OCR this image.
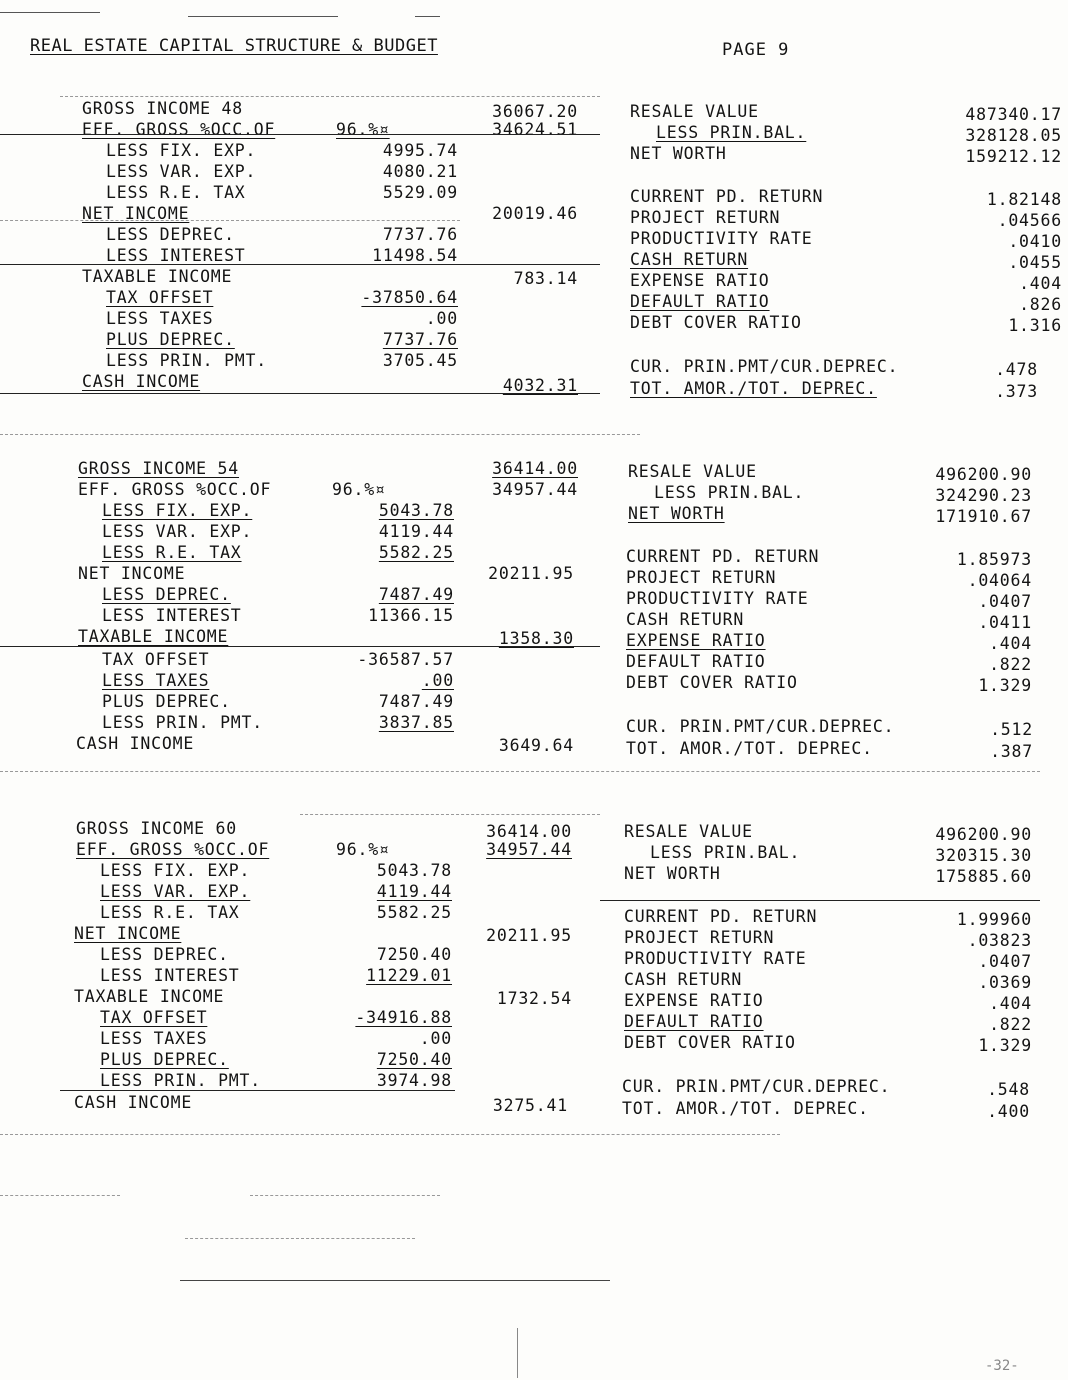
REAL ESTATE CAPITAL STRUCTURE & BUDGET	PAGE 9
GROSS INCOME 48	36067.20
EFF. GROSS %OCC.OF	96.%¤	34624.51
LESS FIX. EXP.	4995.74
LESS VAR. EXP.	4080.21
LESS R.E. TAX	5529.09
NET INCOME	20019.46
LESS DEPREC.	7737.76
LESS INTEREST	11498.54
TAXABLE INCOME	783.14
TAX OFFSET	-37850.64
LESS TAXES	.00
PLUS DEPREC.	7737.76
LESS PRIN. PMT.	3705.45
CASH INCOME	4032.31
RESALE VALUE	487340.17
LESS PRIN.BAL.	328128.05
NET WORTH	159212.12
CURRENT PD. RETURN	1.82148
PROJECT RETURN	.04566
PRODUCTIVITY RATE	.0410
CASH RETURN	.0455
EXPENSE RATIO	.404
DEFAULT RATIO	.826
DEBT COVER RATIO	1.316
CUR. PRIN.PMT/CUR.DEPREC.	.478
TOT. AMOR./TOT. DEPREC.	.373
GROSS INCOME 54	36414.00
EFF. GROSS %OCC.OF	96.%¤	34957.44
LESS FIX. EXP.	5043.78
LESS VAR. EXP.	4119.44
LESS R.E. TAX	5582.25
NET INCOME	20211.95
LESS DEPREC.	7487.49
LESS INTEREST	11366.15
TAXABLE INCOME	1358.30
TAX OFFSET	-36587.57
LESS TAXES	.00
PLUS DEPREC.	7487.49
LESS PRIN. PMT.	3837.85
CASH INCOME	3649.64
RESALE VALUE	496200.90
LESS PRIN.BAL.	324290.23
NET WORTH	171910.67
CURRENT PD. RETURN	1.85973
PROJECT RETURN	.04064
PRODUCTIVITY RATE	.0407
CASH RETURN	.0411
EXPENSE RATIO	.404
DEFAULT RATIO	.822
DEBT COVER RATIO	1.329
CUR. PRIN.PMT/CUR.DEPREC.	.512
TOT. AMOR./TOT. DEPREC.	.387
GROSS INCOME 60	36414.00
EFF. GROSS %OCC.OF	96.%¤	34957.44
LESS FIX. EXP.	5043.78
LESS VAR. EXP.	4119.44
LESS R.E. TAX	5582.25
NET INCOME	20211.95
LESS DEPREC.	7250.40
LESS INTEREST	11229.01
TAXABLE INCOME	1732.54
TAX OFFSET	-34916.88
LESS TAXES	.00
PLUS DEPREC.	7250.40
LESS PRIN. PMT.	3974.98
CASH INCOME	3275.41
RESALE VALUE	496200.90
LESS PRIN.BAL.	320315.30
NET WORTH	175885.60
CURRENT PD. RETURN	1.99960
PROJECT RETURN	.03823
PRODUCTIVITY RATE	.0407
CASH RETURN	.0369
EXPENSE RATIO	.404
DEFAULT RATIO	.822
DEBT COVER RATIO	1.329
CUR. PRIN.PMT/CUR.DEPREC.	.548
TOT. AMOR./TOT. DEPREC.	.400
-32-
